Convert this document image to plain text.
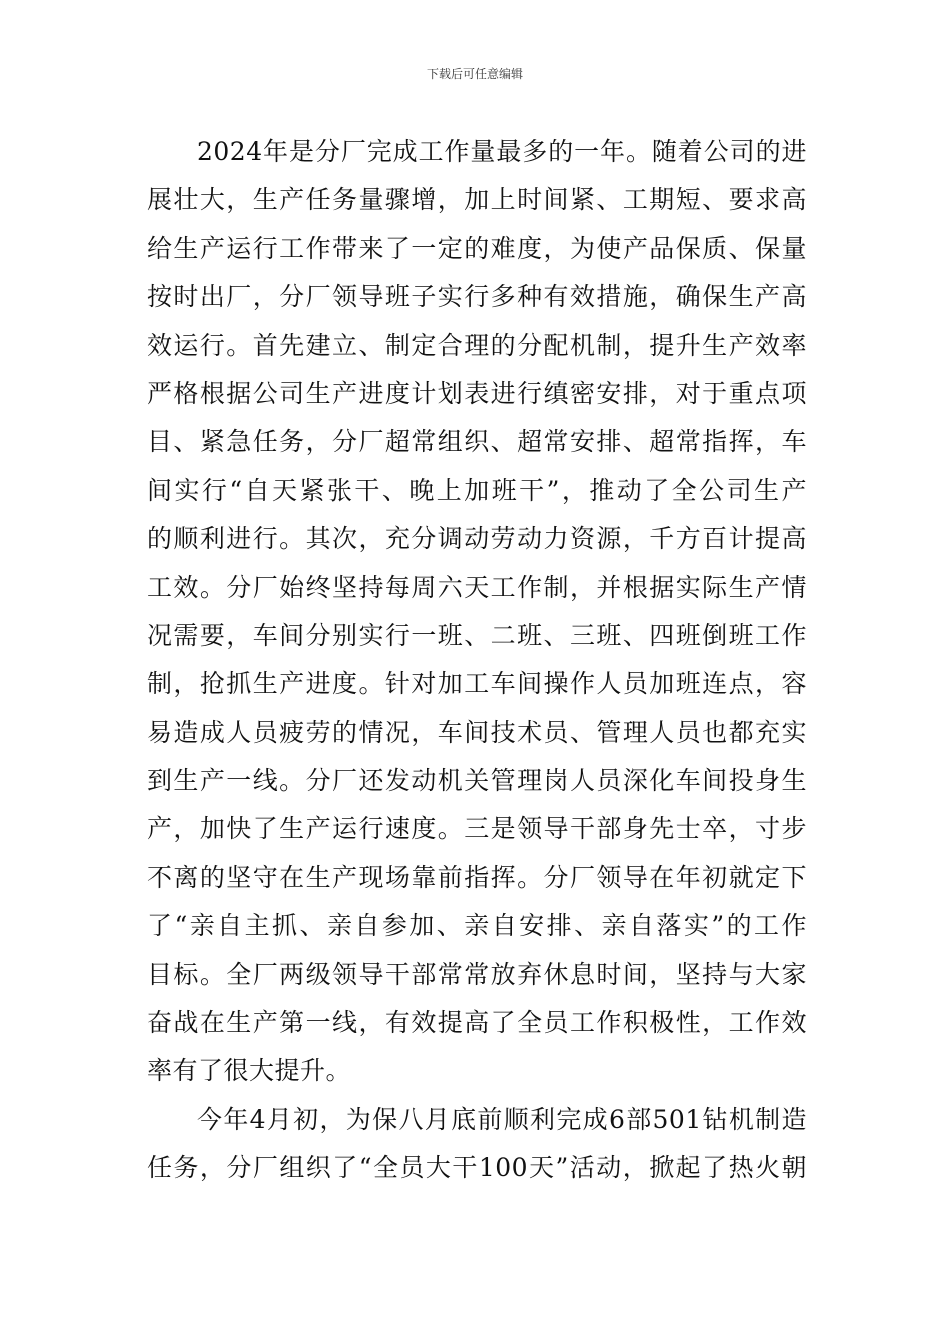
下载后可任意编辑
2024年是分厂完成工作量最多的一年。随着公司的进
展壮大，生产任务量骤增，加上时间紧、工期短、要求高
给生产运行工作带来了一定的难度，为使产品保质、保量
按时出厂，分厂领导班子实行多种有效措施，确保生产高
效运行。首先建立、制定合理的分配机制，提升生产效率
严格根据公司生产进度计划表进行缜密安排，对于重点项
目、紧急任务，分厂超常组织、超常安排、超常指挥，车
间实行“自天紧张干、晚上加班干”，推动了全公司生产
的顺利进行。其次，充分调动劳动力资源，千方百计提高
工效。分厂始终坚持每周六天工作制，并根据实际生产情
况需要，车间分别实行一班、二班、三班、四班倒班工作
制，抢抓生产进度。针对加工车间操作人员加班连点，容
易造成人员疲劳的情况，车间技术员、管理人员也都充实
到生产一线。分厂还发动机关管理岗人员深化车间投身生
产，加快了生产运行速度。三是领导干部身先士卒，寸步
不离的坚守在生产现场靠前指挥。分厂领导在年初就定下
了“亲自主抓、亲自参加、亲自安排、亲自落实”的工作
目标。全厂两级领导干部常常放弃休息时间，坚持与大家
奋战在生产第一线，有效提高了全员工作积极性，工作效
率有了很大提升。
今年4月初，为保八月底前顺利完成6部501钻机制造
任务，分厂组织了“全员大干100天”活动，掀起了热火朝
